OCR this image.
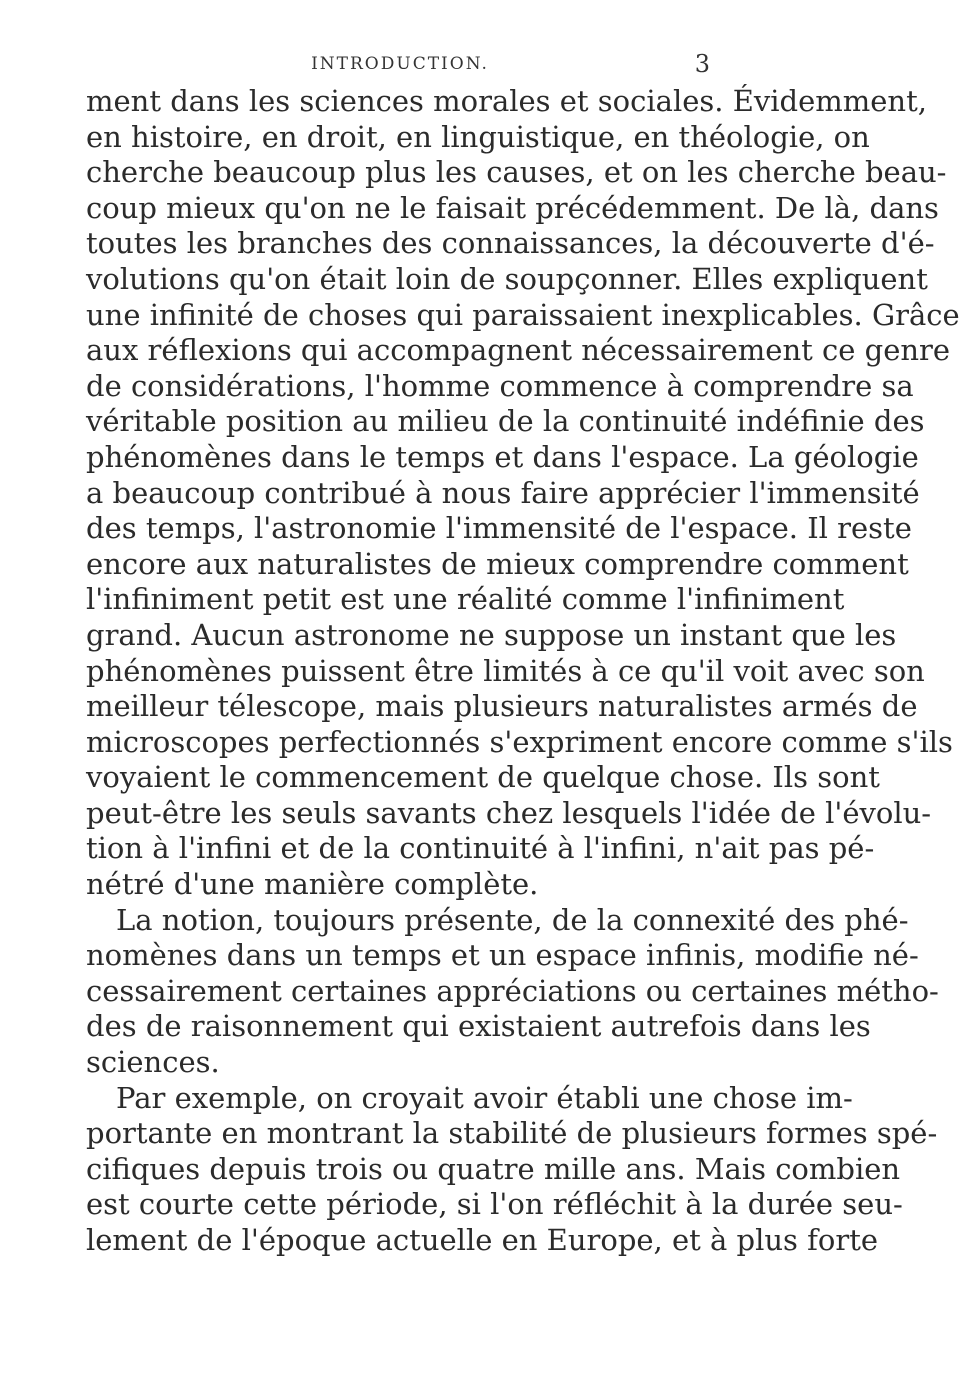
INTRODUCTION.	3

ment dans les sciences morales et sociales. Évidemment,
en histoire, en droit, en linguistique, en théologie, on
cherche beaucoup plus les causes, et on les cherche beau-
coup mieux qu'on ne le faisait précédemment. De là, dans
toutes les branches des connaissances, la découverte d'é-
volutions qu'on était loin de soupçonner. Elles expliquent
une infinité de choses qui paraissaient inexplicables. Grâce
aux réflexions qui accompagnent nécessairement ce genre
de considérations, l'homme commence à comprendre sa
véritable position au milieu de la continuité indéfinie des
phénomènes dans le temps et dans l'espace. La géologie
a beaucoup contribué à nous faire apprécier l'immensité
des temps, l'astronomie l'immensité de l'espace. Il reste
encore aux naturalistes de mieux comprendre comment
l'infiniment petit est une réalité comme l'infiniment
grand. Aucun astronome ne suppose un instant que les
phénomènes puissent être limités à ce qu'il voit avec son
meilleur télescope, mais plusieurs naturalistes armés de
microscopes perfectionnés s'expriment encore comme s'ils
voyaient le commencement de quelque chose. Ils sont
peut-être les seuls savants chez lesquels l'idée de l'évolu-
tion à l'infini et de la continuité à l'infini, n'ait pas pé-
nétré d'une manière complète.

La notion, toujours présente, de la connexité des phé-
nomènes dans un temps et un espace infinis, modifie né-
cessairement certaines appréciations ou certaines métho-
des de raisonnement qui existaient autrefois dans les
sciences.

Par exemple, on croyait avoir établi une chose im-
portante en montrant la stabilité de plusieurs formes spé-
cifiques depuis trois ou quatre mille ans. Mais combien
est courte cette période, si l'on réfléchit à la durée seu-
lement de l'époque actuelle en Europe, et à plus forte
